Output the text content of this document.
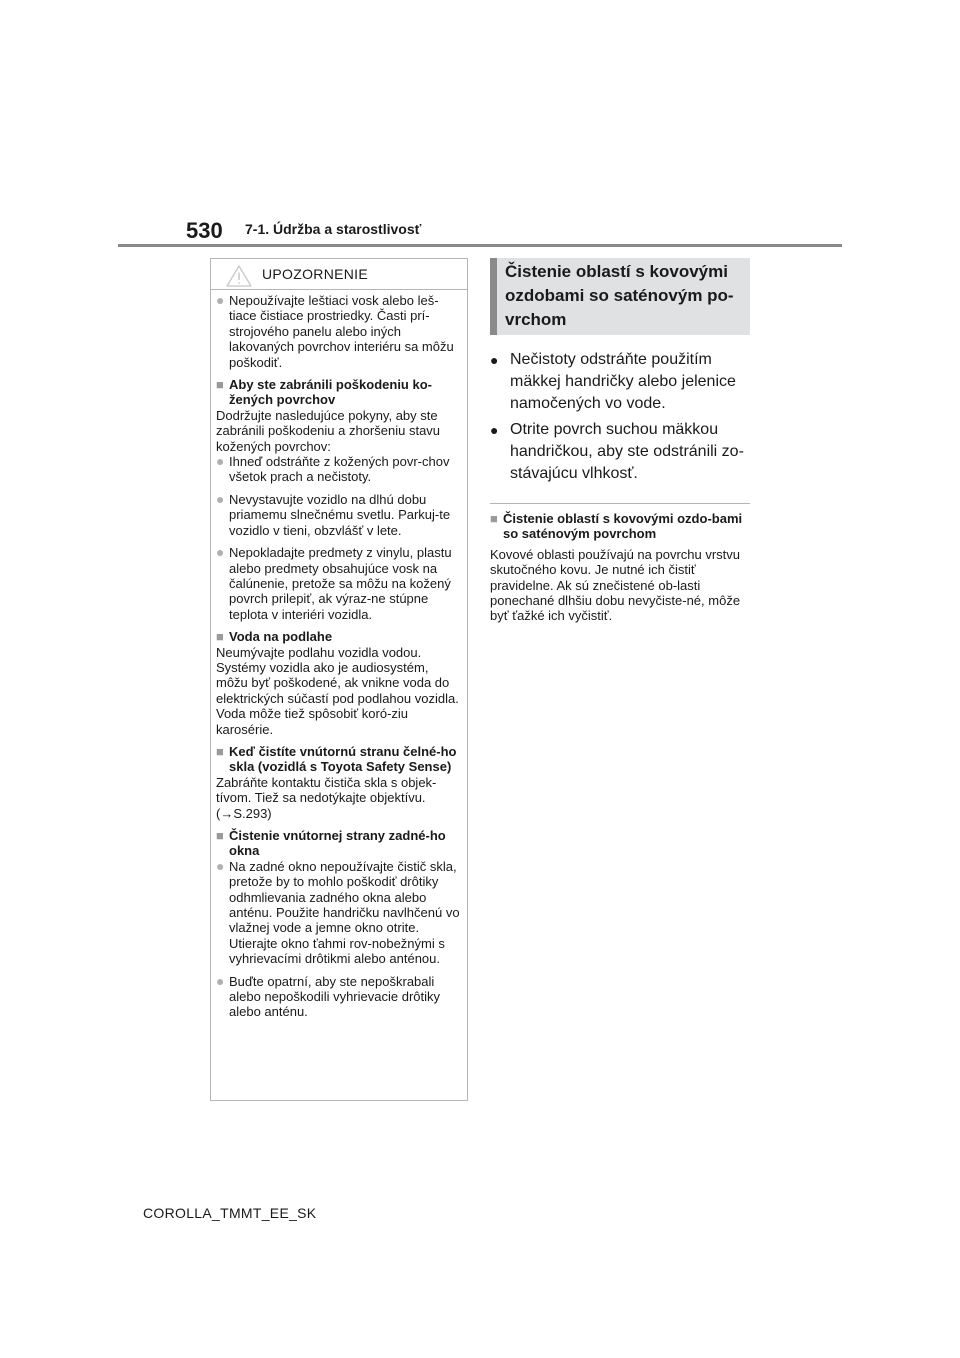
530 7-1. Údržba a starostlivosť
UPOZORNENIE
● Nepoužívajte leštiaci vosk alebo leš-tiace čistiace prostriedky. Časti prí-strojového panelu alebo iných lakovaných povrchov interiéru sa môžu poškodiť.

■ Aby ste zabránili poškodeniu ko-žených povrchov

Dodržujte nasledujúce pokyny, aby ste zabránili poškodeniu a zhoršeniu stavu kožených povrchov:

● Ihneď odstráňte z kožených povr-chov všetok prach a nečistoty.

● Nevystavujte vozidlo na dlhú dobu priamemu slnečnému svetlu. Parkuj-te vozidlo v tieni, obzvlášť v lete.

● Nepokladajte predmety z vinylu, plastu alebo predmety obsahujúce vosk na čalúnenie, pretože sa môžu na kožený povrch prilepiť, ak výraz-ne stúpne teplota v interiéri vozidla.

■ Voda na podlahe

Neumývajte podlahu vozidla vodou. Systémy vozidla ako je audiosystém, môžu byť poškodené, ak vnikne voda do elektrických súčastí pod podlahou vozidla. Voda môže tiež spôsobiť koró-ziu karosérie.

■ Keď čistíte vnútornú stranu čelné-ho skla (vozidlá s Toyota Safety Sense)

Zabráňte kontaktu čističa skla s objek-tívom. Tiež sa nedotýkajte objektívu. (→S.293)

■ Čistenie vnútornej strany zadné-ho okna

● Na zadné okno nepoužívajte čistič skla, pretože by to mohlo poškodiť drôtiky odhmlievania zadného okna alebo anténu. Použite handričku navlhčenú vo vlažnej vode a jemne okno otrite. Utierajte okno ťahmi rov-nobežnými s vyhrievacími drôtikmi alebo anténou.

● Buďte opatrní, aby ste nepoškrabali alebo nepoškodili vyhrievacie drôtiky alebo anténu.

Čistenie oblastí s kovovými ozdobami so saténovým po-vrchom
● Nečistoty odstráňte použitím mäkkej handričky alebo jelenice namočených vo vode.
● Otrite povrch suchou mäkkou handričkou, aby ste odstránili zo-stávajúcu vlhkosť.
■ Čistenie oblastí s kovovými ozdo-bami so saténovým povrchom
Kovové oblasti používajú na povrchu vrstvu skutočného kovu. Je nutné ich čistiť pravidelne. Ak sú znečistené ob-lasti ponechané dlhšiu dobu nevyčiste-né, môže byť ťažké ich vyčistiť.
COROLLA_TMMT_EE_SK
